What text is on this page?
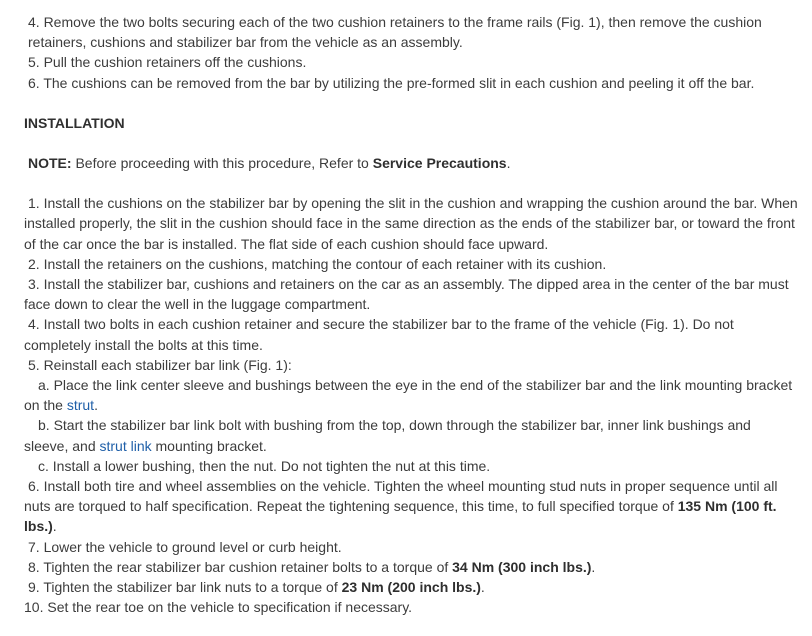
4. Remove the two bolts securing each of the two cushion retainers to the frame rails (Fig. 1), then remove the cushion retainers, cushions and stabilizer bar from the vehicle as an assembly.

5. Pull the cushion retainers off the cushions.

6. The cushions can be removed from the bar by utilizing the pre-formed slit in each cushion and peeling it off the bar.

INSTALLATION

NOTE: Before proceeding with this procedure, Refer to Service Precautions.

1. Install the cushions on the stabilizer bar by opening the slit in the cushion and wrapping the cushion around the bar. When installed properly, the slit in the cushion should face in the same direction as the ends of the stabilizer bar, or toward the front of the car once the bar is installed. The flat side of each cushion should face upward.

2. Install the retainers on the cushions, matching the contour of each retainer with its cushion.

3. Install the stabilizer bar, cushions and retainers on the car as an assembly. The dipped area in the center of the bar must face down to clear the well in the luggage compartment.

4. Install two bolts in each cushion retainer and secure the stabilizer bar to the frame of the vehicle (Fig. 1). Do not completely install the bolts at this time.

5. Reinstall each stabilizer bar link (Fig. 1):

a. Place the link center sleeve and bushings between the eye in the end of the stabilizer bar and the link mounting bracket on the strut.

b. Start the stabilizer bar link bolt with bushing from the top, down through the stabilizer bar, inner link bushings and sleeve, and strut link mounting bracket.

c. Install a lower bushing, then the nut. Do not tighten the nut at this time.

6. Install both tire and wheel assemblies on the vehicle. Tighten the wheel mounting stud nuts in proper sequence until all nuts are torqued to half specification. Repeat the tightening sequence, this time, to full specified torque of 135 Nm (100 ft. lbs.).

7. Lower the vehicle to ground level or curb height.

8. Tighten the rear stabilizer bar cushion retainer bolts to a torque of 34 Nm (300 inch lbs.).

9. Tighten the stabilizer bar link nuts to a torque of 23 Nm (200 inch lbs.).

10. Set the rear toe on the vehicle to specification if necessary.
